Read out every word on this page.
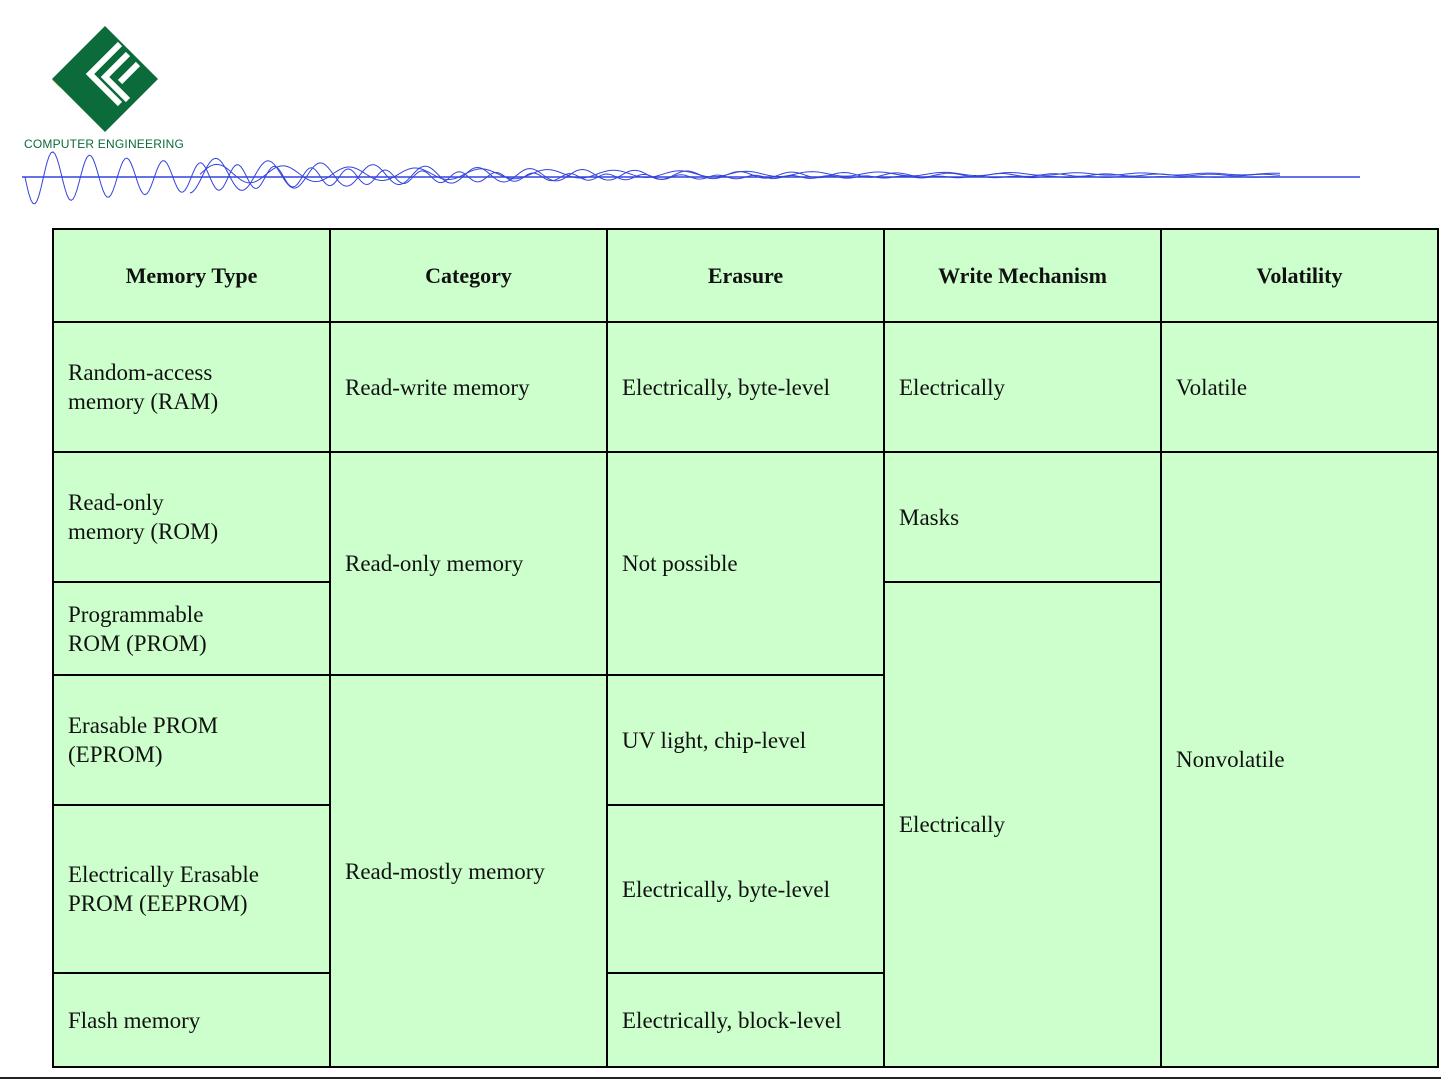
COMPUTER ENGINEERING
Memory Type	Category	Erasure	Write Mechanism	Volatility

Random-access
memory (RAM)	Read-write memory	Electrically, byte-level	Electrically	Volatile

Read-only
memory (ROM)	Read-only memory	Not possible	Masks	Nonvolatile

Programmable
ROM (PROM)			Electrically	

Erasable PROM
(EPROM)	Read-mostly memory	UV light, chip-level		

Electrically Erasable
PROM (EEPROM)		Electrically, byte-level		

Flash memory		Electrically, block-level		
